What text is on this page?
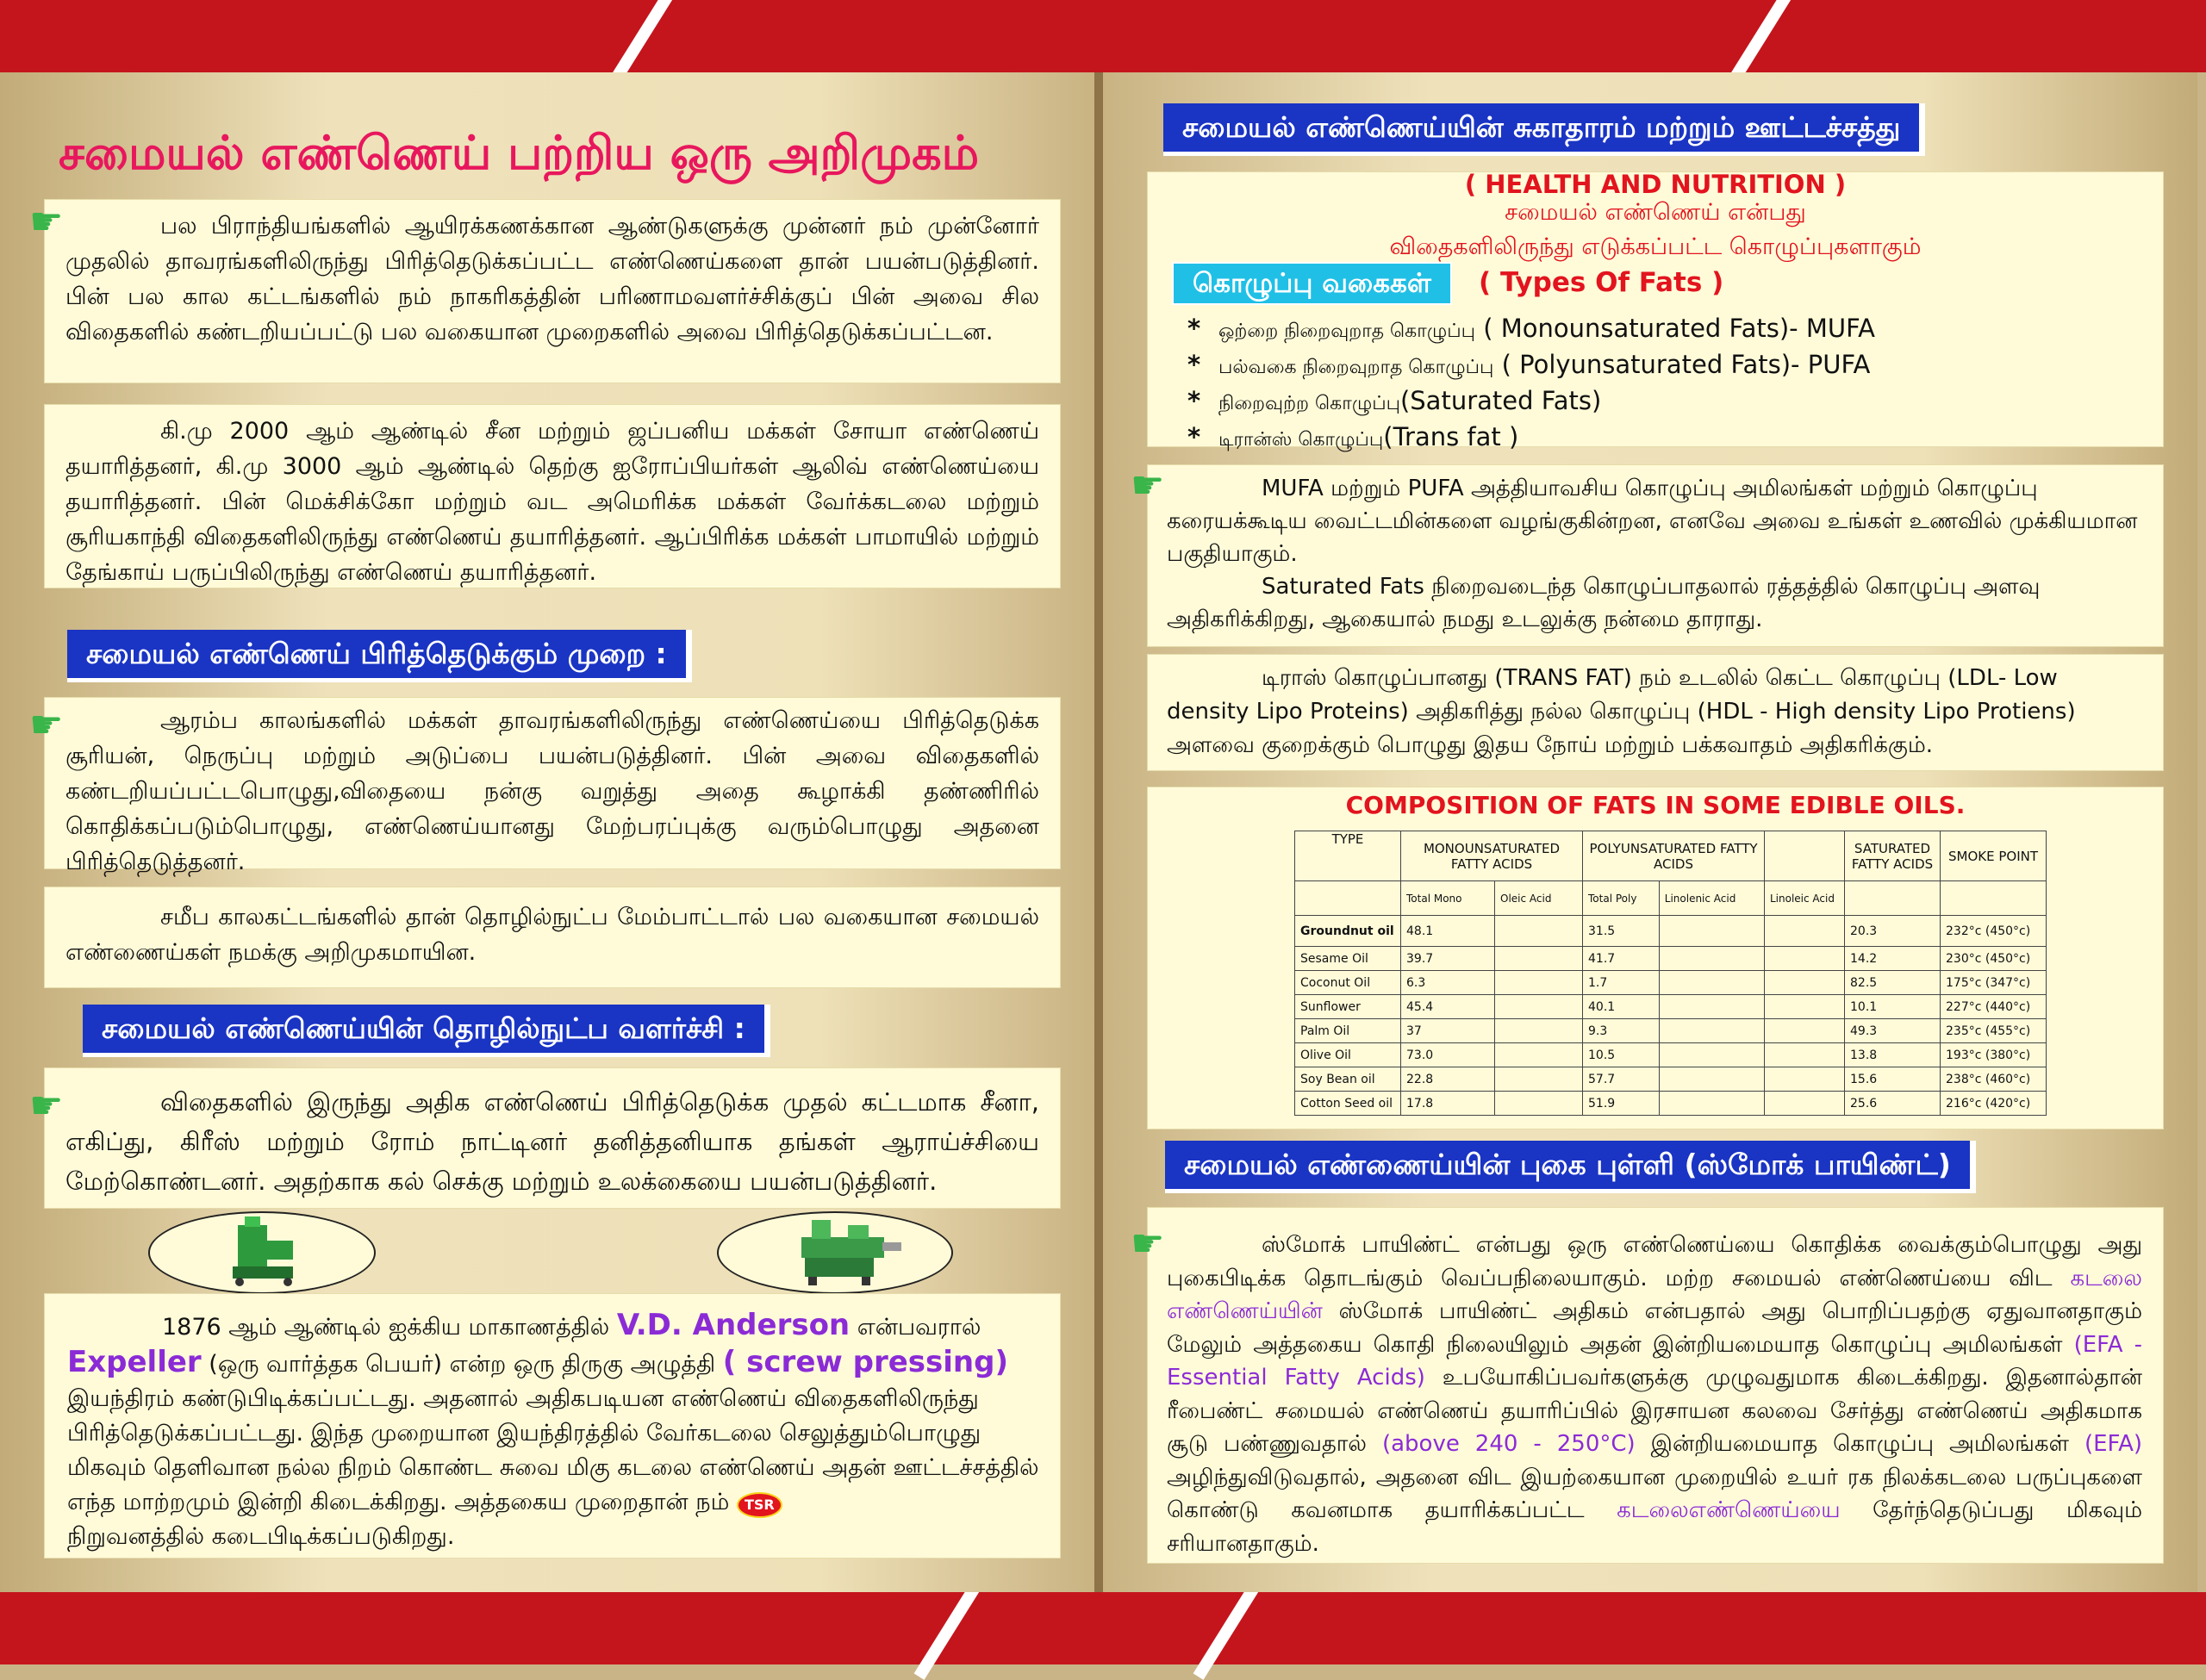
சமையல் எண்ணெய் பற்றிய ஒரு அறிமுகம்
பல பிராந்தியங்களில் ஆயிரக்கணக்கான ஆண்டுகளுக்கு முன்னர் நம் முன்னோர் முதலில் தாவரங்களிலிருந்து பிரித்தெடுக்கப்பட்ட எண்ணெய்களை தான் பயன்படுத்தினர். பின் பல கால கட்டங்களில் நம் நாகரிகத்தின் பரிணாமவளர்ச்சிக்குப் பின் அவை சில விதைகளில் கண்டறியப்பட்டு பல வகையான முறைகளில் அவை பிரித்தெடுக்கப்பட்டன.
☛
கி.மு 2000 ஆம் ஆண்டில் சீன மற்றும் ஜப்பனிய மக்கள் சோயா எண்ணெய் தயாரித்தனர், கி.மு 3000 ஆம் ஆண்டில் தெற்கு ஐரோப்பியர்கள் ஆலிவ் எண்ணெய்யை தயாரித்தனர். பின் மெக்சிக்கோ மற்றும் வட அமெரிக்க மக்கள் வேர்க்கடலை மற்றும் சூரியகாந்தி விதைகளிலிருந்து எண்ணெய் தயாரித்தனர். ஆப்பிரிக்க மக்கள் பாமாயில் மற்றும் தேங்காய் பருப்பிலிருந்து எண்ணெய் தயாரித்தனர்.
சமையல் எண்ணெய் பிரித்தெடுக்கும் முறை :
ஆரம்ப காலங்களில் மக்கள் தாவரங்களிலிருந்து எண்ணெய்யை பிரித்தெடுக்க சூரியன், நெருப்பு மற்றும் அடுப்பை பயன்படுத்தினர். பின் அவை விதைகளில் கண்டறியப்பட்டபொழுது,விதையை நன்கு வறுத்து அதை கூழாக்கி தண்ணிரில் கொதிக்கப்படும்பொழுது, எண்ணெய்யானது மேற்பரப்புக்கு வரும்பொழுது அதனை பிரித்தெடுத்தனர்.
☛
சமீப காலகட்டங்களில் தான் தொழில்நுட்ப மேம்பாட்டால் பல வகையான சமையல் எண்ணைய்கள் நமக்கு அறிமுகமாயின.
சமையல் எண்ணெய்யின் தொழில்நுட்ப வளர்ச்சி :
விதைகளில் இருந்து அதிக எண்ணெய் பிரித்தெடுக்க முதல் கட்டமாக சீனா, எகிப்து, கிரீஸ் மற்றும் ரோம் நாட்டினர் தனித்தனியாக தங்கள் ஆராய்ச்சியை மேற்கொண்டனர். அதற்காக கல் செக்கு மற்றும் உலக்கையை பயன்படுத்தினர்.
☛
1876 ஆம் ஆண்டில் ஐக்கிய மாகாணத்தில் V.D. Anderson என்பவரால்
Expeller (ஒரு வார்த்தக பெயர்) என்ற ஒரு திருகு அழுத்தி ( screw pressing)
இயந்திரம் கண்டுபிடிக்கப்பட்டது. அதனால் அதிகபடியன எண்ணெய் விதைகளிலிருந்து பிரித்தெடுக்கப்பட்டது. இந்த முறையான இயந்திரத்தில் வேர்கடலை செலுத்தும்பொழுது மிகவும் தெளிவான நல்ல நிறம் கொண்ட சுவை மிகு கடலை எண்ணெய் அதன் ஊட்டச்சத்தில் எந்த மாற்றமும் இன்றி கிடைக்கிறது. அத்தகைய முறைதான் நம் TSR
நிறுவனத்தில் கடைபிடிக்கப்படுகிறது.
சமையல் எண்ணெய்யின் சுகாதாரம் மற்றும் ஊட்டச்சத்து
( HEALTH AND NUTRITION )
சமையல் எண்ணெய் என்பது
விதைகளிலிருந்து எடுக்கப்பட்ட கொழுப்புகளாகும்
கொழுப்பு வகைகள்	( Types Of Fats )
* ஒற்றை நிறைவுறாத கொழுப்பு ( Monounsaturated Fats)- MUFA
* பல்வகை நிறைவுறாத கொழுப்பு ( Polyunsaturated Fats)- PUFA
* நிறைவுற்ற கொழுப்பு(Saturated Fats)
* டிரான்ஸ் கொழுப்பு(Trans fat )
MUFA மற்றும் PUFA அத்தியாவசிய கொழுப்பு அமிலங்கள் மற்றும் கொழுப்பு கரையக்கூடிய வைட்டமின்களை வழங்குகின்றன, எனவே அவை உங்கள் உணவில் முக்கியமான பகுதியாகும்.
Saturated Fats நிறைவடைந்த கொழுப்பாதலால் ரத்தத்தில் கொழுப்பு அளவு அதிகரிக்கிறது, ஆகையால் நமது உடலுக்கு நன்மை தாராது.
☛
டிராஸ் கொழுப்பானது (TRANS FAT) நம் உடலில் கெட்ட கொழுப்பு (LDL- Low density Lipo Proteins) அதிகரித்து நல்ல கொழுப்பு (HDL - High density Lipo Protiens) அளவை குறைக்கும் பொழுது இதய நோய் மற்றும் பக்கவாதம் அதிகரிக்கும்.
COMPOSITION OF FATS IN SOME EDIBLE OILS.
TYPE	MONOUNSATURATED FATTY ACIDS		POLYUNSATURATED FATTY ACIDS			SATURATED FATTY ACIDS	SMOKE POINT
	Total Mono	Oleic Acid	Total Poly	Linolenic Acid	Linoleic Acid		
Groundnut oil	48.1		31.5			20.3	232°c (450°c)
Sesame Oil	39.7		41.7			14.2	230°c (450°c)
Coconut Oil	6.3		1.7			82.5	175°c (347°c)
Sunflower	45.4		40.1			10.1	227°c (440°c)
Palm Oil	37		9.3			49.3	235°c (455°c)
Olive Oil	73.0		10.5			13.8	193°c (380°c)
Soy Bean oil	22.8		57.7			15.6	238°c (460°c)
Cotton Seed oil	17.8		51.9			25.6	216°c (420°c)
சமையல் எண்ணைய்யின் புகை புள்ளி (ஸ்மோக் பாயிண்ட்)
ஸ்மோக் பாயிண்ட் என்பது ஒரு எண்ணெய்யை கொதிக்க வைக்கும்பொழுது அது புகைபிடிக்க தொடங்கும் வெப்பநிலையாகும். மற்ற சமையல் எண்ணெய்யை விட கடலை எண்ணெய்யின் ஸ்மோக் பாயிண்ட் அதிகம் என்பதால் அது பொறிப்பதற்கு ஏதுவானதாகும் மேலும் அத்தகைய கொதி நிலையிலும் அதன் இன்றியமையாத கொழுப்பு அமிலங்கள் (EFA - Essential Fatty Acids) உபயோகிப்பவர்களுக்கு முழுவதுமாக கிடைக்கிறது. இதனால்தான் ரீபைண்ட் சமையல் எண்ணெய் தயாரிப்பில் இரசாயன கலவை சேர்த்து எண்ணெய் அதிகமாக சூடு பண்ணுவதால் (above 240 - 250°C) இன்றியமையாத கொழுப்பு அமிலங்கள் (EFA) அழிந்துவிடுவதால், அதனை விட இயற்கையான முறையில் உயர் ரக நிலக்கடலை பருப்புகளை கொண்டு கவனமாக தயாரிக்கப்பட்ட கடலைஎண்ணெய்யை தேர்ந்தெடுப்பது மிகவும் சரியானதாகும்.
☛
